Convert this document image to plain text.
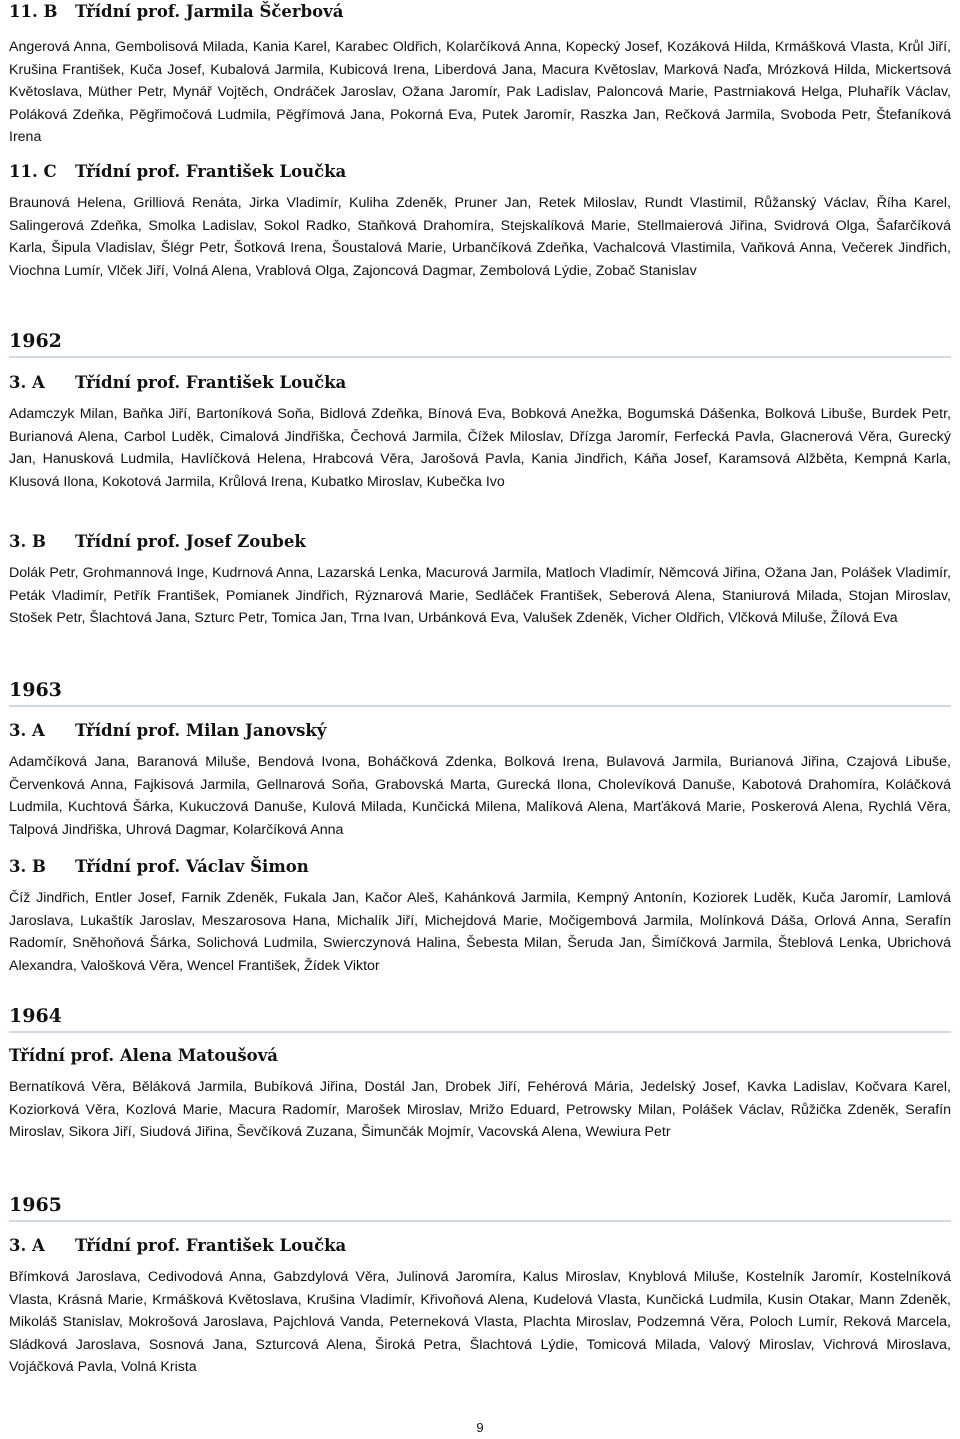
11. B Třídní prof. Jarmila Ščerbová

Angerová Anna, Gembolisová Milada, Kania Karel, Karabec Oldřich, Kolarčíková Anna, Kopecký Josef, Kozáková Hilda, Krmášková Vlasta, Krůl Jiří, Krušina František, Kuča Josef, Kubalová Jarmila, Kubicová Irena, Liberdová Jana, Macura Květoslav, Marková Naďa, Mrózková Hilda, Mickertsová Květoslava, Müther Petr, Mynář Vojtěch, Ondráček Jaroslav, Ožana Jaromír, Pak Ladislav, Paloncová Marie, Pastrniaková Helga, Pluhařík Václav, Poláková Zdeňka, Pěgřimočová Ludmila, Pěgřímová Jana, Pokorná Eva, Putek Jaromír, Raszka Jan, Rečková Jarmila, Svoboda Petr, Štefaníková Irena

11. C Třídní prof. František Loučka

Braunová Helena, Grilliová Renáta, Jirka Vladimír, Kuliha Zdeněk, Pruner Jan, Retek Miloslav, Rundt Vlastimil, Růžanský Václav, Říha Karel, Salingerová Zdeňka, Smolka Ladislav, Sokol Radko, Staňková Drahomíra, Stejskalíková Marie, Stellmaierová Jiřina, Svidrová Olga, Šafarčíková Karla, Šipula Vladislav, Šlégr Petr, Šotková Irena, Šoustalová Marie, Urbančíková Zdeňka, Vachalcová Vlastimila, Vaňková Anna, Večerek Jindřich, Viochna Lumír, Vlček Jiří, Volná Alena, Vrablová Olga, Zajoncová Dagmar, Zembolová Lýdie, Zobač Stanislav

1962
3. A Třídní prof. František Loučka

Adamczyk Milan, Baňka Jiří, Bartoníková Soňa, Bidlová Zdeňka, Bínová Eva, Bobková Anežka, Bogumská Dášenka, Bolková Libuše, Burdek Petr, Burianová Alena, Carbol Luděk, Cimalová Jindřiška, Čechová Jarmila, Čížek Miloslav, Dřízga Jaromír, Ferfecká Pavla, Glacnerová Věra, Gurecký Jan, Hanusková Ludmila, Havlíčková Helena, Hrabcová Věra, Jarošová Pavla, Kania Jindřich, Káňa Josef, Karamsová Alžběta, Kempná Karla, Klusová Ilona, Kokotová Jarmila, Krůlová Irena, Kubatko Miroslav, Kubečka Ivo

3. B Třídní prof. Josef Zoubek

Dolák Petr, Grohmannová Inge, Kudrnová Anna, Lazarská Lenka, Macurová Jarmila, Matloch Vladimír, Němcová Jiřina, Ožana Jan, Polášek Vladimír, Peták Vladimír, Petřík František, Pomianek Jindřich, Rýznarová Marie, Sedláček František, Seberová Alena, Staniurová Milada, Stojan Miroslav, Stošek Petr, Šlachtová Jana, Szturc Petr, Tomica Jan, Trna Ivan, Urbánková Eva, Valušek Zdeněk, Vicher Oldřich, Vlčková Miluše, Žílová Eva

1963
3. A Třídní prof. Milan Janovský

Adamčíková Jana, Baranová Miluše, Bendová Ivona, Boháčková Zdenka, Bolková Irena, Bulavová Jarmila, Burianová Jiřina, Czajová Libuše, Červenková Anna, Fajkisová Jarmila, Gellnarová Soňa, Grabovská Marta, Gurecká Ilona, Cholevíková Danuše, Kabotová Drahomíra, Koláčková Ludmila, Kuchtová Šárka, Kukuczová Danuše, Kulová Milada, Kunčická Milena, Malíková Alena, Marťáková Marie, Poskerová Alena, Rychlá Věra, Talpová Jindřiška, Uhrová Dagmar, Kolarčíková Anna

3. B Třídní prof. Václav Šimon

Číž Jindřich, Entler Josef, Farnik Zdeněk, Fukala Jan, Kačor Aleš, Kahánková Jarmila, Kempný Antonín, Koziorek Luděk, Kuča Jaromír, Lamlová Jaroslava, Lukaštík Jaroslav, Meszarosova Hana, Michalík Jiří, Michejdová Marie, Močigembová Jarmila, Molínková Dáša, Orlová Anna, Serafín Radomír, Sněhoňová Šárka, Solichová Ludmila, Swierczynová Halina, Šebesta Milan, Šeruda Jan, Šimíčková Jarmila, Šteblová Lenka, Ubrichová Alexandra, Valošková Věra, Wencel František, Žídek Viktor

1964
Třídní prof. Alena Matoušová

Bernatíková Věra, Běláková Jarmila, Bubíková Jiřina, Dostál Jan, Drobek Jiří, Fehérová Mária, Jedelský Josef, Kavka Ladislav, Kočvara Karel, Koziorková Věra, Kozlová Marie, Macura Radomír, Marošek Miroslav, Mrižo Eduard, Petrowsky Milan, Polášek Václav, Růžička Zdeněk, Serafín Miroslav, Sikora Jiří, Siudová Jiřina, Ševčíková Zuzana, Šimunčák Mojmír, Vacovská Alena, Wewiura Petr

1965
3. A Třídní prof. František Loučka

Břímková Jaroslava, Cedivodová Anna, Gabzdylová Věra, Julinová Jaromíra, Kalus Miroslav, Knyblová Miluše, Kostelník Jaromír, Kostelníková Vlasta, Krásná Marie, Krmášková Květoslava, Krušina Vladimír, Křivoňová Alena, Kudelová Vlasta, Kunčická Ludmila, Kusin Otakar, Mann Zdeněk, Mikoláš Stanislav, Mokrošová Jaroslava, Pajchlová Vanda, Peterneková Vlasta, Plachta Miroslav, Podzemná Věra, Poloch Lumír, Reková Marcela, Sládková Jaroslava, Sosnová Jana, Szturcová Alena, Široká Petra, Šlachtová Lýdie, Tomicová Milada, Valový Miroslav, Vichrová Miroslava, Vojáčková Pavla, Volná Krista

9
